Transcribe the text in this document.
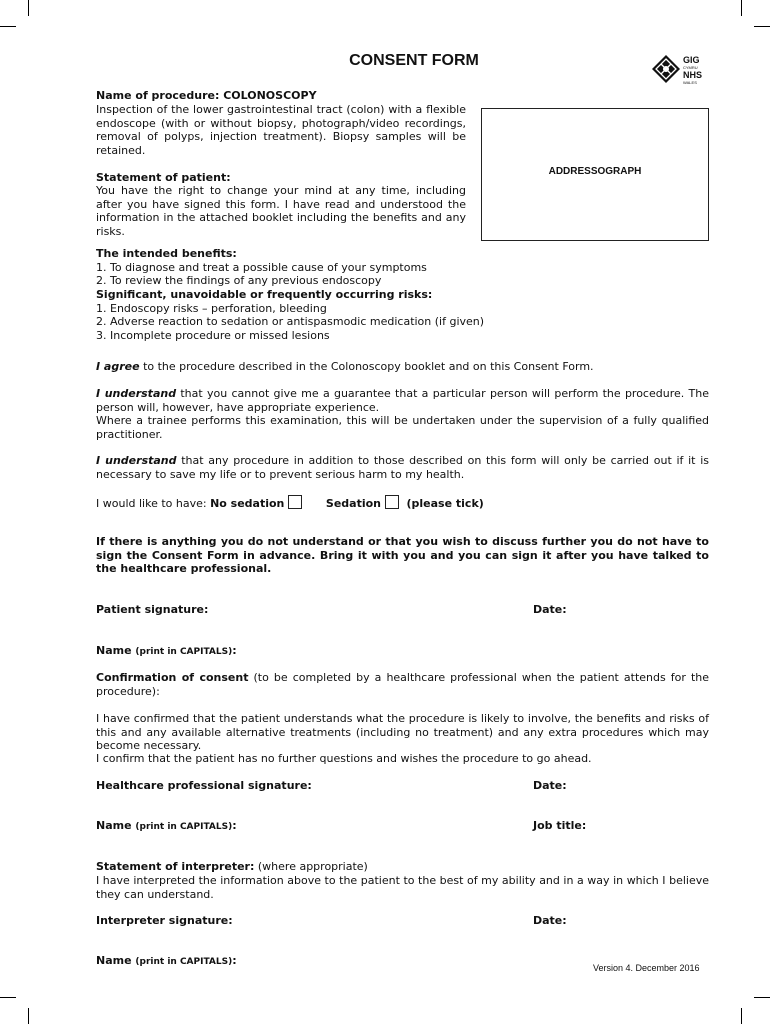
CONSENT FORM	GIG
CYMRU
NHS
WALES
Name of procedure: COLONOSCOPY
Inspection of the lower gastrointestinal tract (colon) with a flexible endoscope (with or without biopsy, photograph/video recordings, removal of polyps, injection treatment). Biopsy samples will be retained.
ADDRESSOGRAPH
Statement of patient:
You have the right to change your mind at any time, including after you have signed this form. I have read and understood the information in the attached booklet including the benefits and any risks.
The intended benefits:
1. To diagnose and treat a possible cause of your symptoms
2. To review the findings of any previous endoscopy
Significant, unavoidable or frequently occurring risks:
1. Endoscopy risks – perforation, bleeding
2. Adverse reaction to sedation or antispasmodic medication (if given)
3. Incomplete procedure or missed lesions
I agree to the procedure described in the Colonoscopy booklet and on this Consent Form.
I understand that you cannot give me a guarantee that a particular person will perform the procedure. The person will, however, have appropriate experience.
Where a trainee performs this examination, this will be undertaken under the supervision of a fully qualified practitioner.
I understand that any procedure in addition to those described on this form will only be carried out if it is necessary to save my life or to prevent serious harm to my health.
I would like to have: No sedation	Sedation (please tick)
If there is anything you do not understand or that you wish to discuss further you do not have to sign the Consent Form in advance. Bring it with you and you can sign it after you have talked to the healthcare professional.
Patient signature:	Date:
Name (print in CAPITALS):
Confirmation of consent (to be completed by a healthcare professional when the patient attends for the procedure):
I have confirmed that the patient understands what the procedure is likely to involve, the benefits and risks of this and any available alternative treatments (including no treatment) and any extra procedures which may become necessary.
I confirm that the patient has no further questions and wishes the procedure to go ahead.
Healthcare professional signature:	Date:
Name (print in CAPITALS):	Job title:
Statement of interpreter: (where appropriate)
I have interpreted the information above to the patient to the best of my ability and in a way in which I believe they can understand.
Interpreter signature:	Date:
Name (print in CAPITALS):
Version 4. December 2016
